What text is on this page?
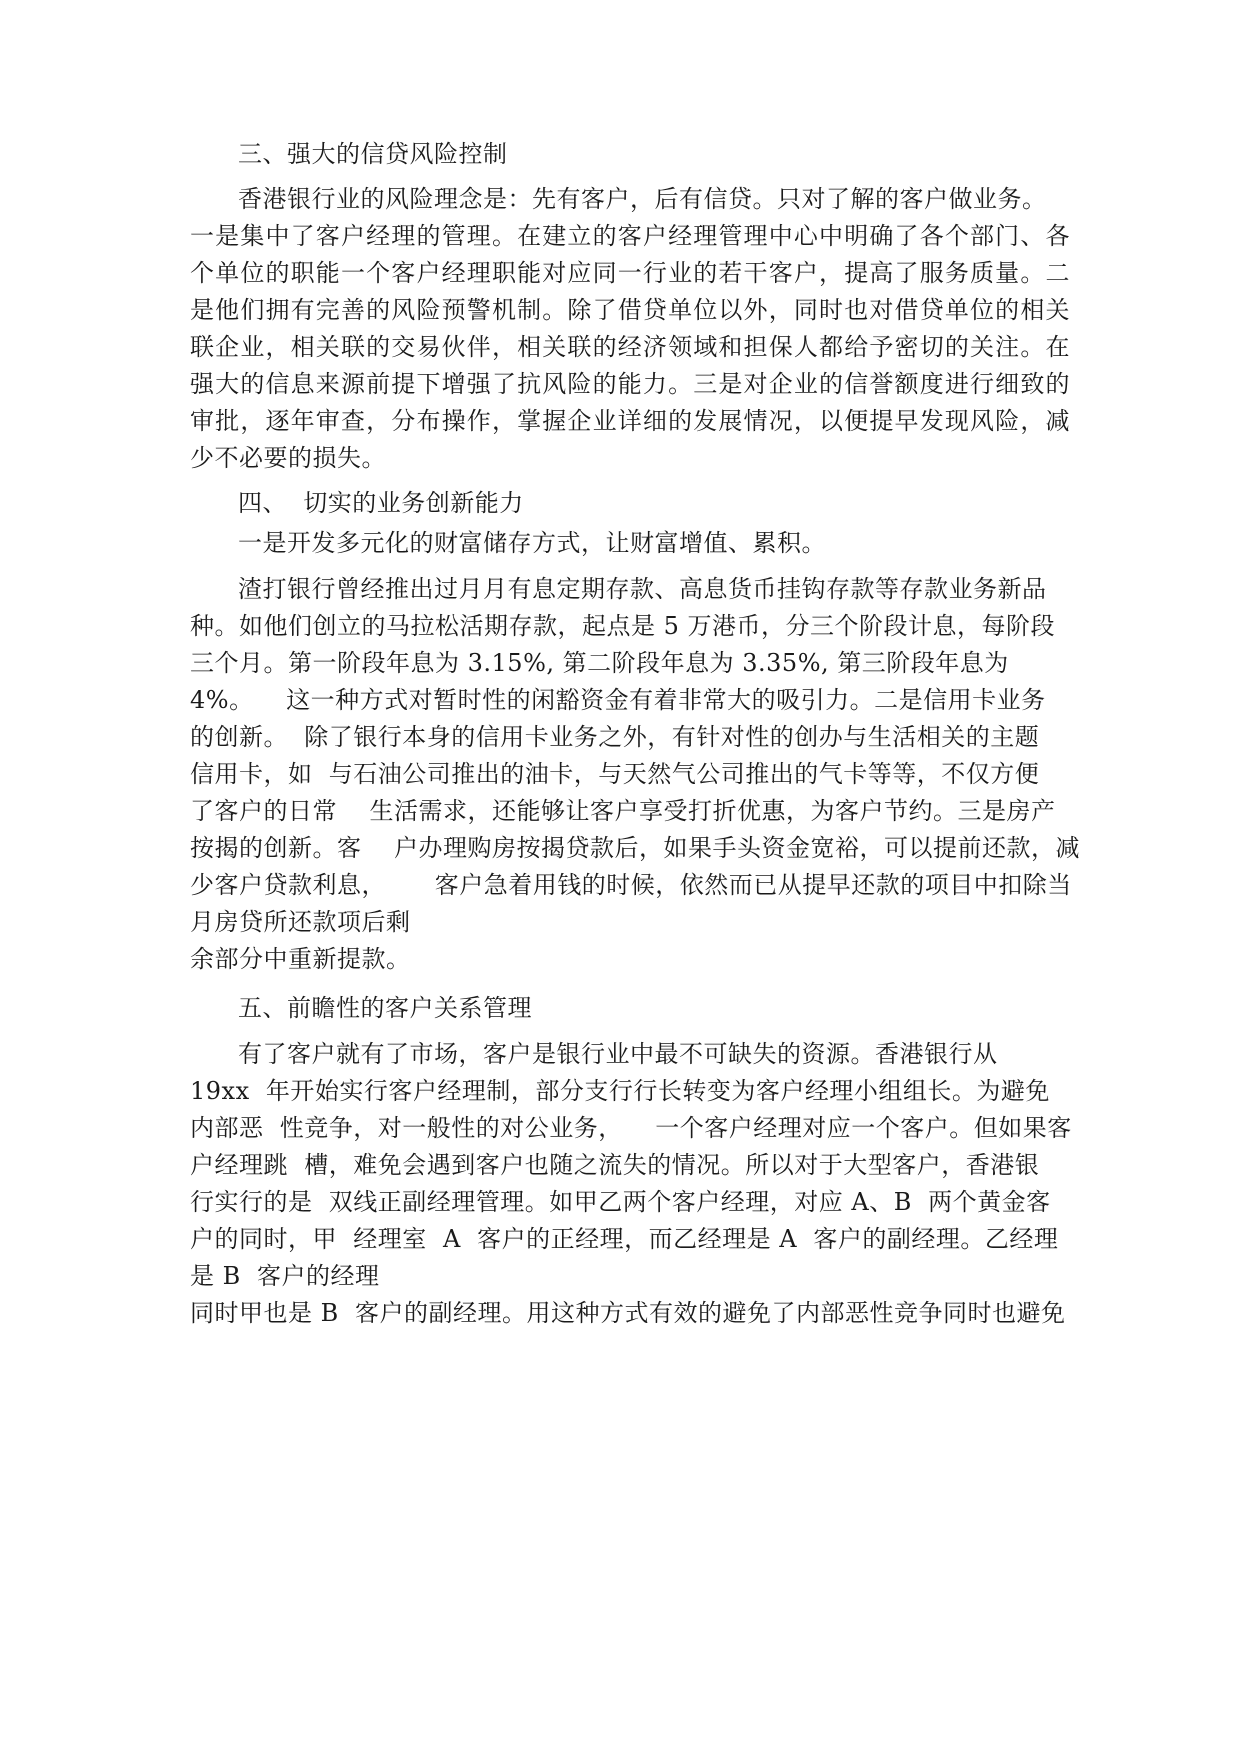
三、强大的信贷风险控制
香港银行业的风险理念是：先有客户，后有信贷。只对了解的客户做业务。
一是集中了客户经理的管理。在建立的客户经理管理中心中明确了各个部门、各
个单位的职能一个客户经理职能对应同一行业的若干客户，提高了服务质量。二
是他们拥有完善的风险预警机制。除了借贷单位以外，同时也对借贷单位的相关
联企业，相关联的交易伙伴，相关联的经济领域和担保人都给予密切的关注。在
强大的信息来源前提下增强了抗风险的能力。三是对企业的信誉额度进行细致的
审批，逐年审查，分布操作，掌握企业详细的发展情况，以便提早发现风险，减
少不必要的损失。
四、  切实的业务创新能力
一是开发多元化的财富储存方式，让财富增值、累积。
渣打银行曾经推出过月月有息定期存款、高息货币挂钩存款等存款业务新品
种。如他们创立的马拉松活期存款，起点是 5 万港币，分三个阶段计息，每阶段
三个月。第一阶段年息为 3.15%, 第二阶段年息为 3.35%, 第三阶段年息为
4%。    这一种方式对暂时性的闲豁资金有着非常大的吸引力。二是信用卡业务
的创新。  除了银行本身的信用卡业务之外，有针对性的创办与生活相关的主题
信用卡，如  与石油公司推出的油卡，与天然气公司推出的气卡等等，不仅方便
了客户的日常    生活需求，还能够让客户享受打折优惠，为客户节约。三是房产
按揭的创新。客    户办理购房按揭贷款后，如果手头资金宽裕，可以提前还款，减
少客户贷款利息，      客户急着用钱的时候，依然而已从提早还款的项目中扣除当
月房贷所还款项后剩
余部分中重新提款。
五、前瞻性的客户关系管理
有了客户就有了市场，客户是银行业中最不可缺失的资源。香港银行从
19xx  年开始实行客户经理制，部分支行行长转变为客户经理小组组长。为避免
内部恶  性竞争，对一般性的对公业务，    一个客户经理对应一个客户。但如果客
户经理跳  槽，难免会遇到客户也随之流失的情况。所以对于大型客户，香港银
行实行的是  双线正副经理管理。如甲乙两个客户经理，对应 A、B  两个黄金客
户的同时，甲  经理室  A  客户的正经理，而乙经理是 A  客户的副经理。乙经理
是 B  客户的经理
同时甲也是 B  客户的副经理。用这种方式有效的避免了内部恶性竞争同时也避免
